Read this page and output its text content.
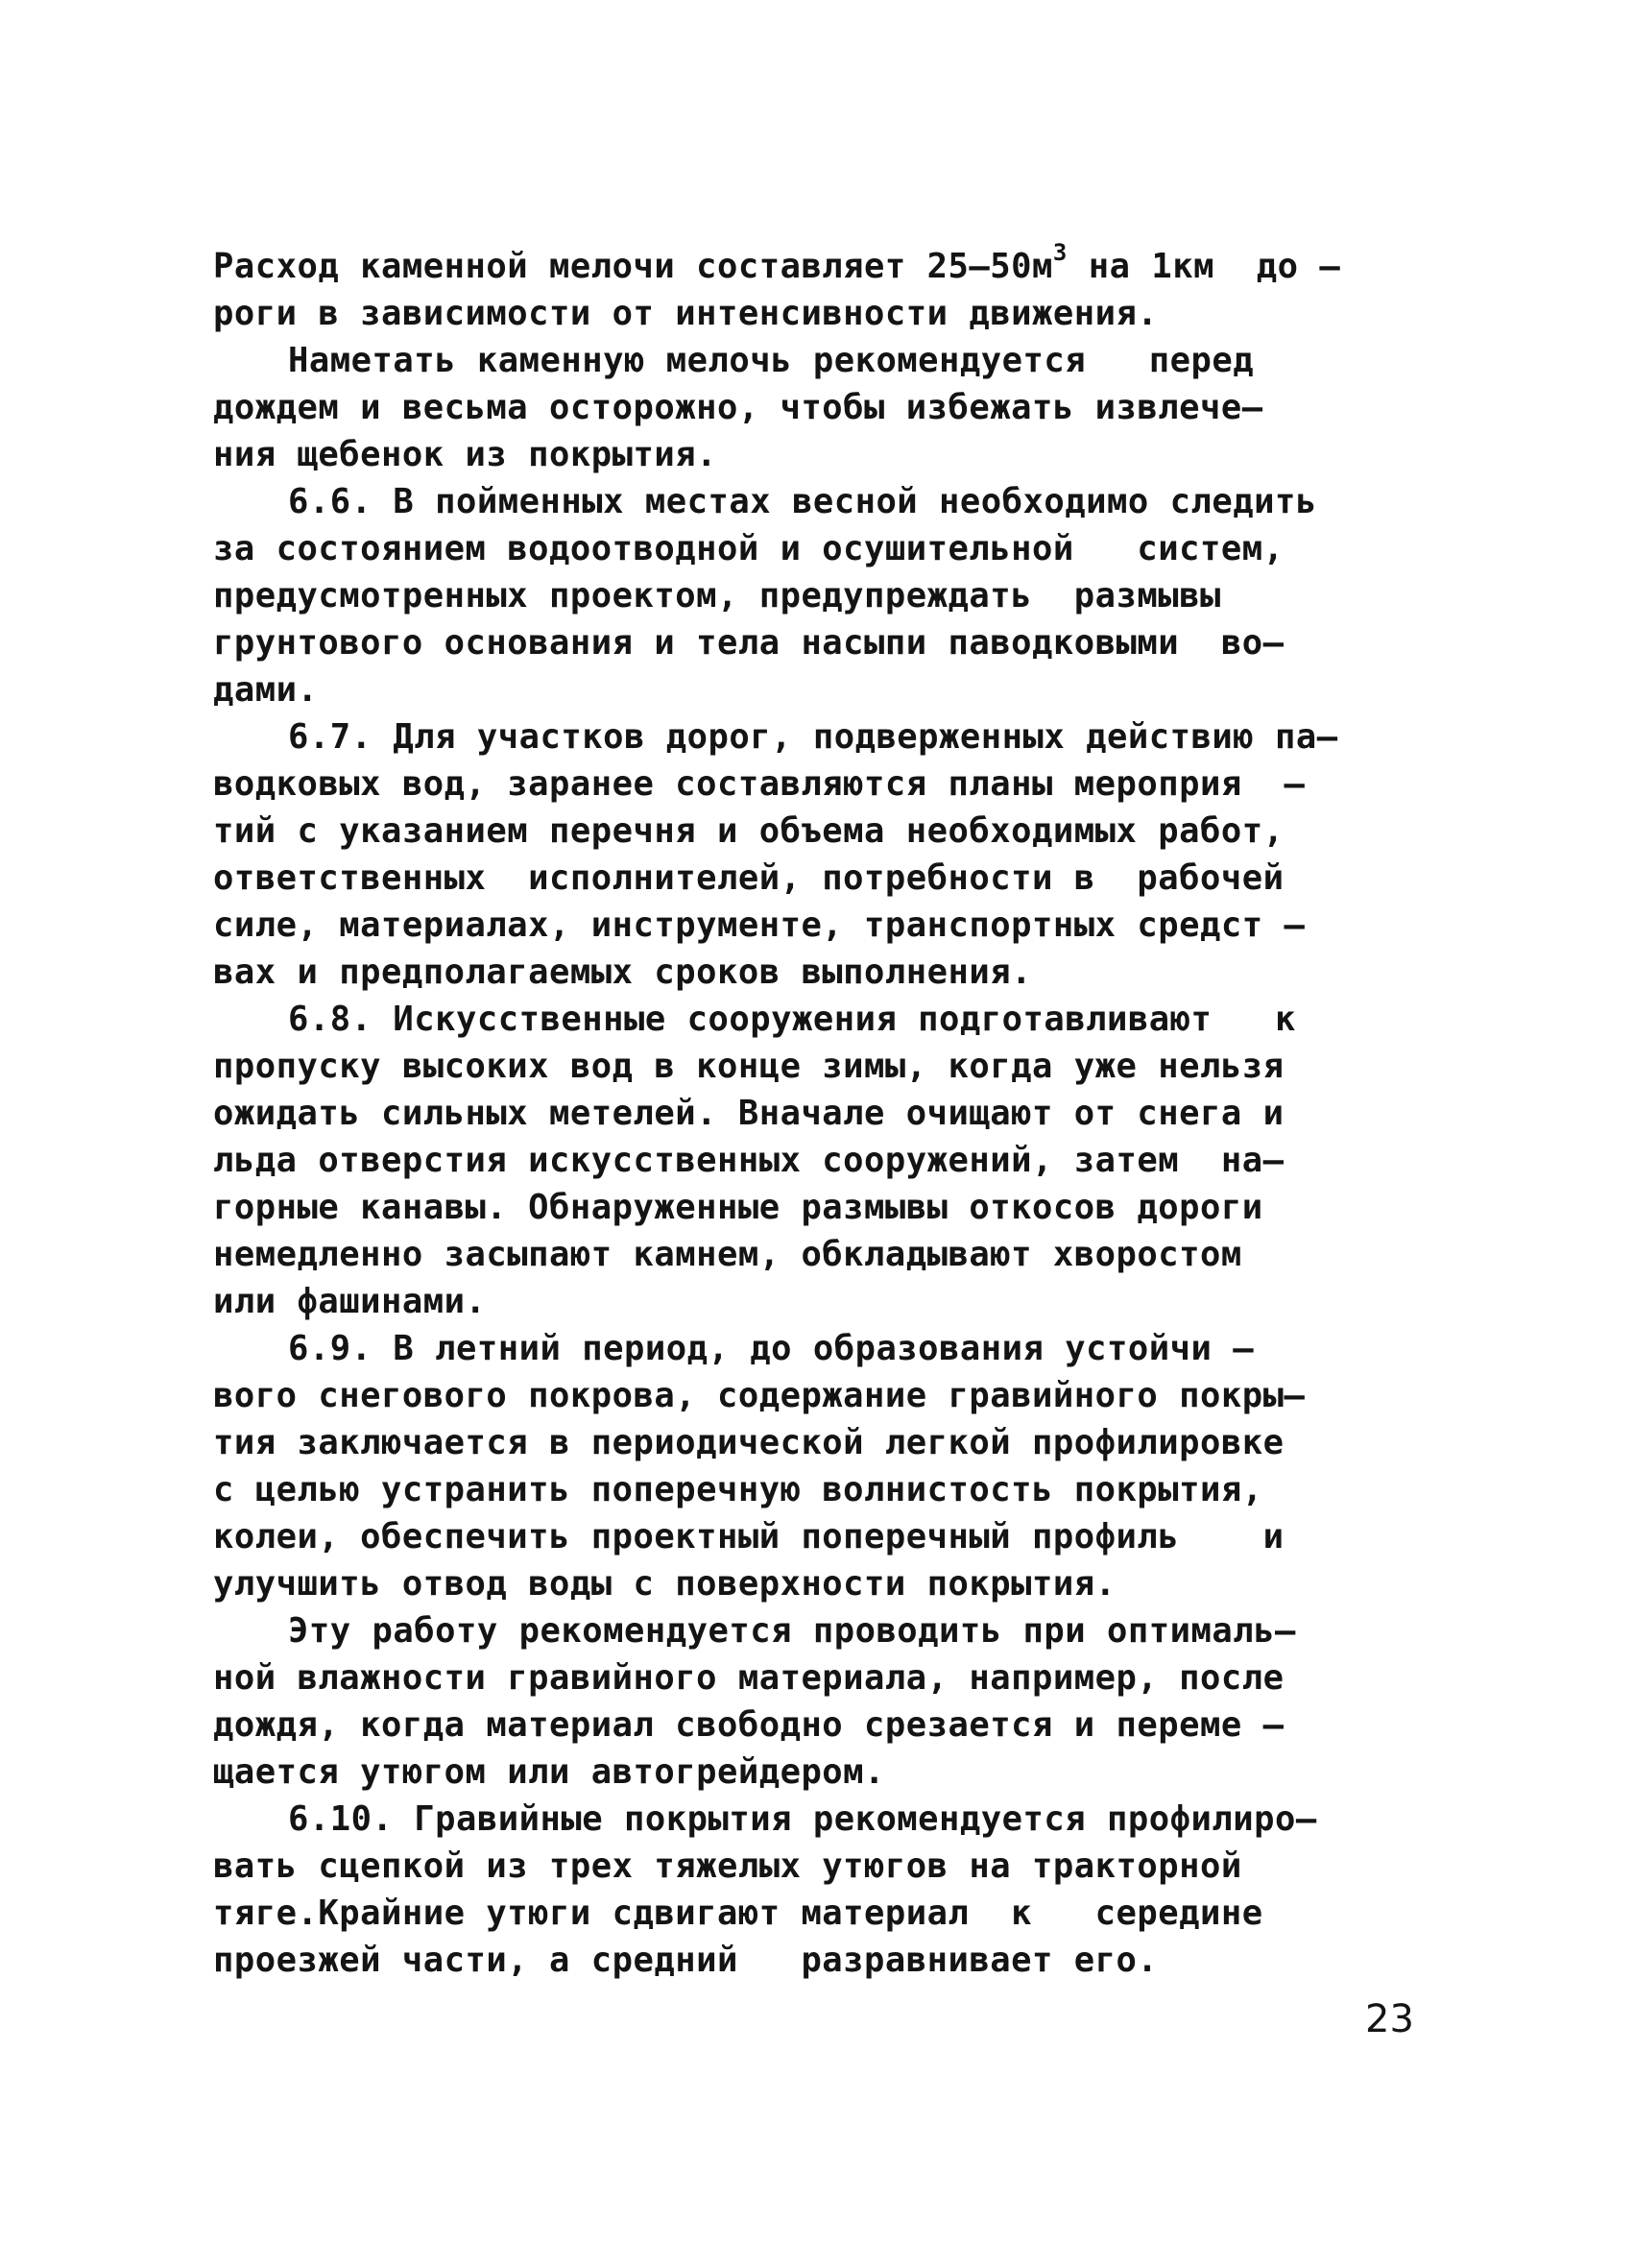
Расход каменной мелочи составляет $25-50м^3$ на 1км  до –
роги в зависимости от интенсивности движения.
Наметать каменную мелочь рекомендуется   перед
дождем и весьма осторожно, чтобы избежать извлече–
ния щебенок из покрытия.
6.6. В пойменных местах весной необходимо следить
за состоянием водоотводной и осушительной   систем,
предусмотренных проектом, предупреждать  размывы
грунтового основания и тела насыпи паводковыми  во–
дами.
6.7. Для участков дорог, подверженных действию па–
водковых вод, заранее составляются планы мероприя  –
тий с указанием перечня и объема необходимых работ,
ответственных  исполнителей, потребности в  рабочей
силе, материалах, инструменте, транспортных средст –
вах и предполагаемых сроков выполнения.
6.8. Искусственные сооружения подготавливают   к
пропуску высоких вод в конце зимы, когда уже нельзя
ожидать сильных метелей. Вначале очищают от снега и
льда отверстия искусственных сооружений, затем  на–
горные канавы. Обнаруженные размывы откосов дороги
немедленно засыпают камнем, обкладывают хворостом
или фашинами.
6.9. В летний период, до образования устойчи –
вого снегового покрова, содержание гравийного покры–
тия заключается в периодической легкой профилировке
с целью устранить поперечную волнистость покрытия,
колеи, обеспечить проектный поперечный профиль    и
улучшить отвод воды с поверхности покрытия.
Эту работу рекомендуется проводить при оптималь–
ной влажности гравийного материала, например, после
дождя, когда материал свободно срезается и переме –
щается утюгом или автогрейдером.
6.10. Гравийные покрытия рекомендуется профилиро–
вать сцепкой из трех тяжелых утюгов на тракторной
тяге.Крайние утюги сдвигают материал  к   середине
проезжей части, а средний   разравнивает его.
23
